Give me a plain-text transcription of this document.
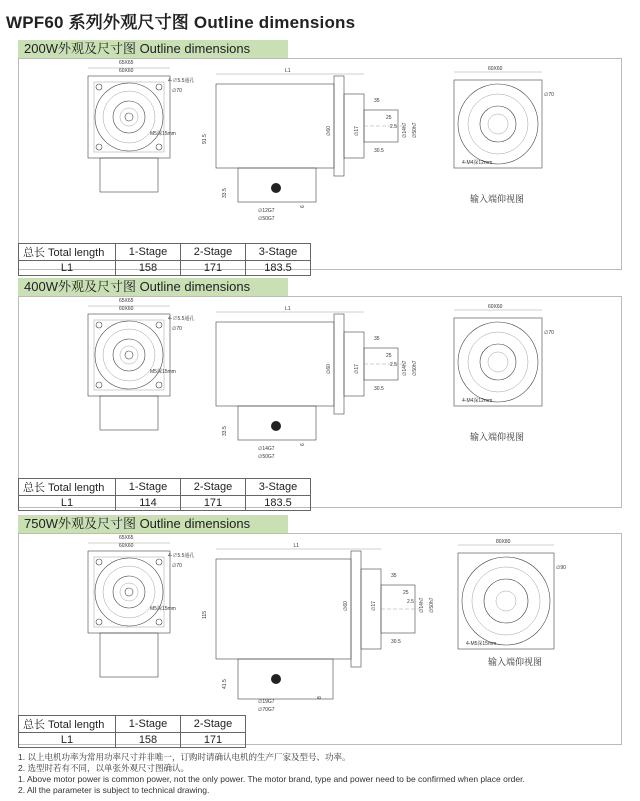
WPF60 系列外观尺寸图 Outline dimensions
200W外观及尺寸图 Outline dimensions
65X65
60X60
4-∅5.5通孔
∅70
M5深15mm
L1
35
25
2.5
30.5
∅14h7 ∅50h7
∅17
∅60
91.5
33.5
∅12G7
∅50G7
6
60X60
∅70
4-M4深12mm
输入端仰视图
总长 Total length	1-Stage	2-Stage	3-Stage
L1	158	171	183.5
400W外观及尺寸图 Outline dimensions
65X65
60X60
4-∅5.5通孔
∅70
M5深15mm
L1
35
25
2.5
30.5
∅14h7 ∅50h7
∅17
∅60
33.5
∅14G7
∅50G7
6
60X60
∅70
4-M4深12mm
输入端仰视图
总长 Total length	1-Stage	2-Stage	3-Stage
L1	114	171	183.5
750W外观及尺寸图 Outline dimensions
65X65
60X60
4-∅5.5通孔
∅70
M5深15mm
L1
35
25
2.5
30.5
∅14h7 ∅50h7
∅17
∅60
115
41.5
∅19G7
∅70G7
8
80X80
∅90
4-M5深15mm
输入端仰视图
总长 Total length	1-Stage	2-Stage
L1	158	171
1. 以上电机功率为常用功率尺寸并非唯一，订购时请确认电机的生产厂家及型号、功率。
2. 选型时若有不同，以单张外观尺寸图确认。
1. Above motor power is common power, not the only power. The motor brand, type and power need to be confirmed when place order.
2. All the parameter is subject to technical drawing.
